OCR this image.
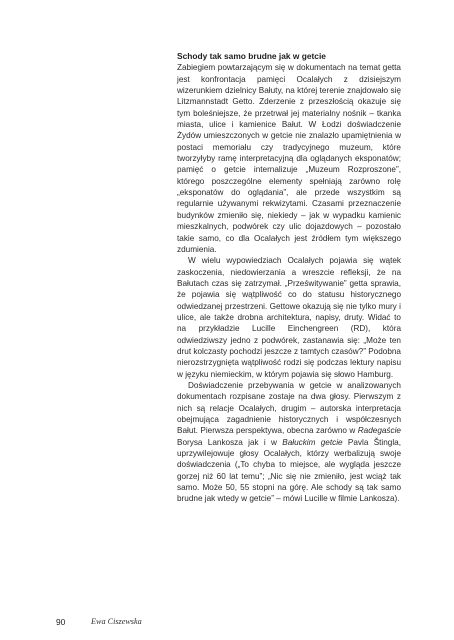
Schody tak samo brudne jak w getcie

Zabiegiem powtarzającym się w dokumentach na temat getta jest konfrontacja pamięci Ocalałych z dzisiejszym wizerunkiem dzielnicy Bałuty, na której terenie znajdowało się Litzmannstadt Getto. Zderzenie z przeszłością okazuje się tym boleśniejsze, że przetrwał jej materialny nośnik – tkanka miasta, ulice i kamienice Bałut. W Łodzi doświadczenie Żydów umieszczonych w getcie nie znalazło upamiętnienia w postaci memoriału czy tradycyjnego muzeum, które tworzyłyby ramę interpretacyjną dla oglądanych eksponatów; pamięć o getcie internalizuje „Muzeum Rozproszone”, którego poszczególne elementy spełniają zarówno rolę „eksponatów do oglądania”, ale przede wszystkim są regularnie używanymi rekwizytami. Czasami przeznaczenie budynków zmieniło się, niekiedy – jak w wypadku kamienic mieszkalnych, podwórek czy ulic dojazdowych – pozostało takie samo, co dla Ocalałych jest źródłem tym większego zdumienia.

W wielu wypowiedziach Ocalałych pojawia się wątek zaskoczenia, niedowierzania a wreszcie refleksji, że na Bałutach czas się zatrzymał. „Prześwitywanie” getta sprawia, że pojawia się wątpliwość co do statusu historycznego odwiedzanej przestrzeni. Gettowe okazują się nie tylko mury i ulice, ale także drobna architektura, napisy, druty. Widać to na przykładzie Lucille Einchengreen (RD), która odwiedziwszy jedno z podwórek, zastanawia się: „Może ten drut kolczasty pochodzi jeszcze z tamtych czasów?” Podobna nierozstrzygnięta wątpliwość rodzi się podczas lektury napisu w języku niemieckim, w którym pojawia się słowo Hamburg.

Doświadczenie przebywania w getcie w analizowanych dokumentach rozpisane zostaje na dwa głosy. Pierwszym z nich są relacje Ocalałych, drugim – autorska interpretacja obejmująca zagadnienie historycznych i współczesnych Bałut. Pierwsza perspektywa, obecna zarówno w Radegaście Borysa Lankosza jak i w Bałuckim getcie Pavla Štingla, uprzywilejowuje głosy Ocalałych, którzy werbalizują swoje doświadczenia („To chyba to miejsce, ale wygląda jeszcze gorzej niż 60 lat temu”; „Nic się nie zmieniło, jest wciąż tak samo. Może 50, 55 stopni na górę. Ale schody są tak samo brudne jak wtedy w getcie” – mówi Lucille w filmie Lankosza).

90	Ewa Ciszewska
